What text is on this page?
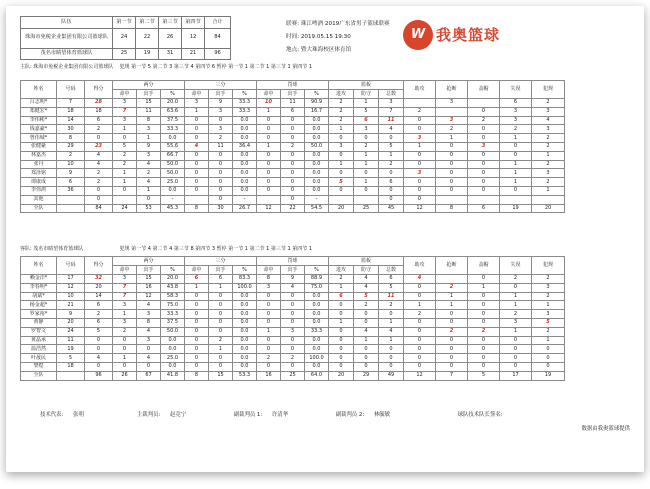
队伍	第一节	第二节	第三节	第四节	合计
珠海市免税企业集团有限公司篮球队	24	22	26	12	84
茂名市睛望体育篮球队	25	19	31	21	96
联赛: 珠江啤酒 2019广东省男子篮球联赛
时间: 2019.05.15 19:30
地点: 暨大珠海校区体育馆
W 我奥篮球
主队: 珠海市免税企业集团有限公司篮球队 犯规 第一节 5 第二节 3 第三节 4 第四节 6 暂停 第一节 1 第二节 1 第三节 1 第四节 1
姓名	号码	得分	两分			三分			罚球			篮板			助攻	抢断	盖帽	失误	犯规
			命中	出手	%	命中	出手	%	命中	出手	%	进攻	防守	总数					
吕志明*	7	28	3	15	20.0	3	9	33.3	10	11	90.9	2	1	3		3		6	2
郑健宏*	18	18	7	11	63.6	1	3	33.3	1	6	16.7	2	5	7	2		0	3	3
李伟彬*	14	6	3	8	37.5	0	0	0.0	0	0	0.0	2	6	11	0	3	2	3	4
钱嘉豪*	30	2	1	3	33.3	0	3	0.0	0	0	0.0	1	3	4	0	2	0	2	3
曾伟城*	8	0	0	1	0.0	0	2	0.0	0	0	0.0	0	0	0	3	1	0	1	2
张健豪	29	23	5	9	55.6	4	11	36.4	1	2	50.0	3	2	5	1	0	3	0	2
林嘉杰	2	4	2	3	66.7	0	0	0.0	0	0	0.0	0	1	1	0	0	0	0	1
张丹	10	4	2	4	50.0	0	0	0.0	0	0	0.0	1	1	2	0	0	0	1	2
郑泽铭	9	2	1	2	50.0	0	0	0.0	0	0	0.0	0	0	0	3	0	0	1	3
谭康成	6	2	1	4	25.0	0	0	0.0	0	0	0.0	5	1	6	0	0	0	1	2
李伟鸿	36	0	0	1	0.0	0	0	0.0	0	0	0.0	0	0	0	0	0	0	0	1
其他		0		0	-		0	-		0	-			0	0				
全队		84	24	53	45.3	8	30	26.7	12	22	54.5	20	25	45	12	8	6	19	20
客队: 茂名市睛望体育篮球队	犯规 第一节 4 第二节 4 第三节 8 第四节 3 暂停 第一节 1 第二节 1 第三节 1 第四节 1
姓名	号码	得分	两分			三分			罚球			篮板			助攻	抢断	盖帽	失误	犯规
			命中	出手	%	命中	出手	%	命中	出手	%	进攻	防守	总数					
赖金洋*	17	32	3	15	20.0	6	6	83.3	8	9	88.9	2	4	6	4		0	2	2
李春明*	12	20	7	16	43.8	1	1	100.0	3	4	75.0	1	4	5	0	2	1	0	3
胡斌*	10	14	7	12	58.3	0	0	0.0	0	0	0.0	6	5	11	0	1	0	1	2
杨金超*	21	6	3	4	75.0	0	0	0.0	0	0	0.0	0	2	2	1	1	0	1	1
罗家裕*	9	2	1	3	33.3	0	0	0.0	0	0	0.0	0	0	0	2	0	0	2	3
黄静	20	6	3	8	37.5	0	0	0.0	0	0	0.0	1	0	1	0	0	0	3	5
罗智文	24	5	2	4	50.0	0	0	0.0	1	3	33.3	0	4	4	0	2	2	1	2
黄晶承	11	0	0	3	0.0	0	2	0.0	0	0	0.0	0	1	1	0	0	0	0	1
温浩然	19	0	0	0	0.0	0	1	0.0	0	0	0.0	0	0	0	0	0	0	0	0
叶晟民	5	4	1	4	25.0	0	0	0.0	2	2	100.0	0	0	0	0	0	0	0	0
黎煌	18	0	0	0	0.0	0	0	0.0	0	0	0.0	0	0	0	0	0	0	0	0
全队		96	26	67	41.8	8	15	53.3	16	25	64.0	20	29	49	12	7	5	17	19
技术代表: 张明	主裁判员: 赵竞宁	副裁判员 1: 许清华	副裁判员 2: 林毓敏	球队技术队长签名:
数据由我奥篮球提供
